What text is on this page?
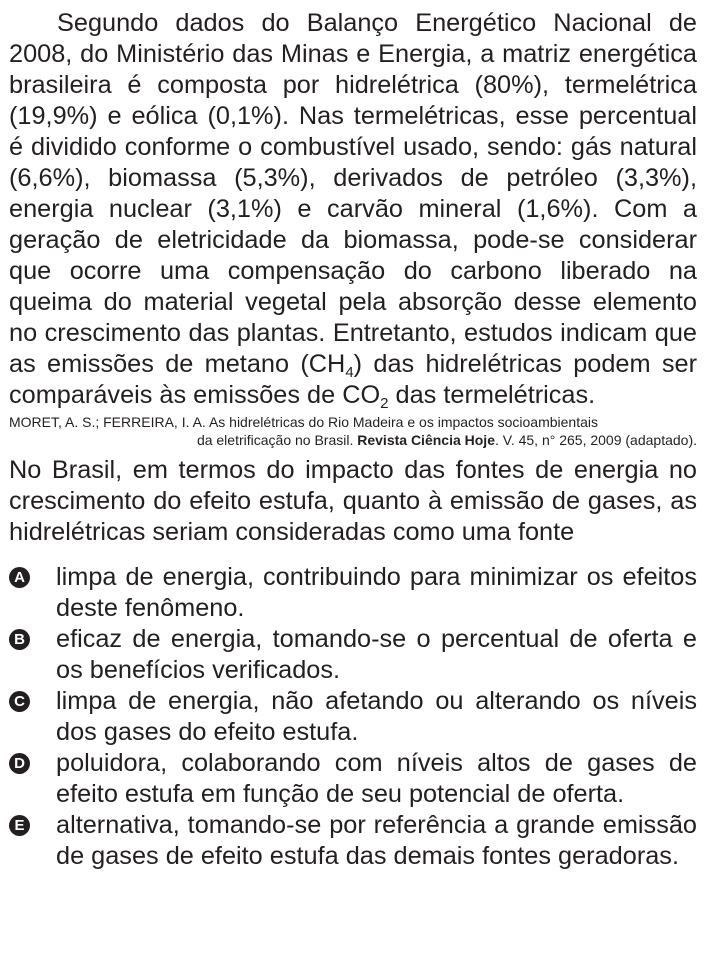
Segundo dados do Balanço Energético Nacional de 2008, do Ministério das Minas e Energia, a matriz energética brasileira é composta por hidrelétrica (80%), termelétrica (19,9%) e eólica (0,1%). Nas termelétricas, esse percentual é dividido conforme o combustível usado, sendo: gás natural (6,6%), biomassa (5,3%), derivados de petróleo (3,3%), energia nuclear (3,1%) e carvão mineral (1,6%). Com a geração de eletricidade da biomassa, pode-se considerar que ocorre uma compensação do carbono liberado na queima do material vegetal pela absorção desse elemento no crescimento das plantas. Entretanto, estudos indicam que as emissões de metano $(CH_4)$ das hidrelétricas podem ser comparáveis às emissões de $CO_2$ das termelétricas.

MORET, A. S.; FERREIRA, I. A. As hidrelétricas do Rio Madeira e os impactos socioambientais
da eletrificação no Brasil. Revista Ciência Hoje. V. 45, n° 265, 2009 (adaptado).

No Brasil, em termos do impacto das fontes de energia no crescimento do efeito estufa, quanto à emissão de gases, as hidrelétricas seriam consideradas como uma fonte

A limpa de energia, contribuindo para minimizar os efeitos deste fenômeno.
B eficaz de energia, tomando-se o percentual de oferta e os benefícios verificados.
C limpa de energia, não afetando ou alterando os níveis dos gases do efeito estufa.
D poluidora, colaborando com níveis altos de gases de efeito estufa em função de seu potencial de oferta.
E alternativa, tomando-se por referência a grande emissão de gases de efeito estufa das demais fontes geradoras.
